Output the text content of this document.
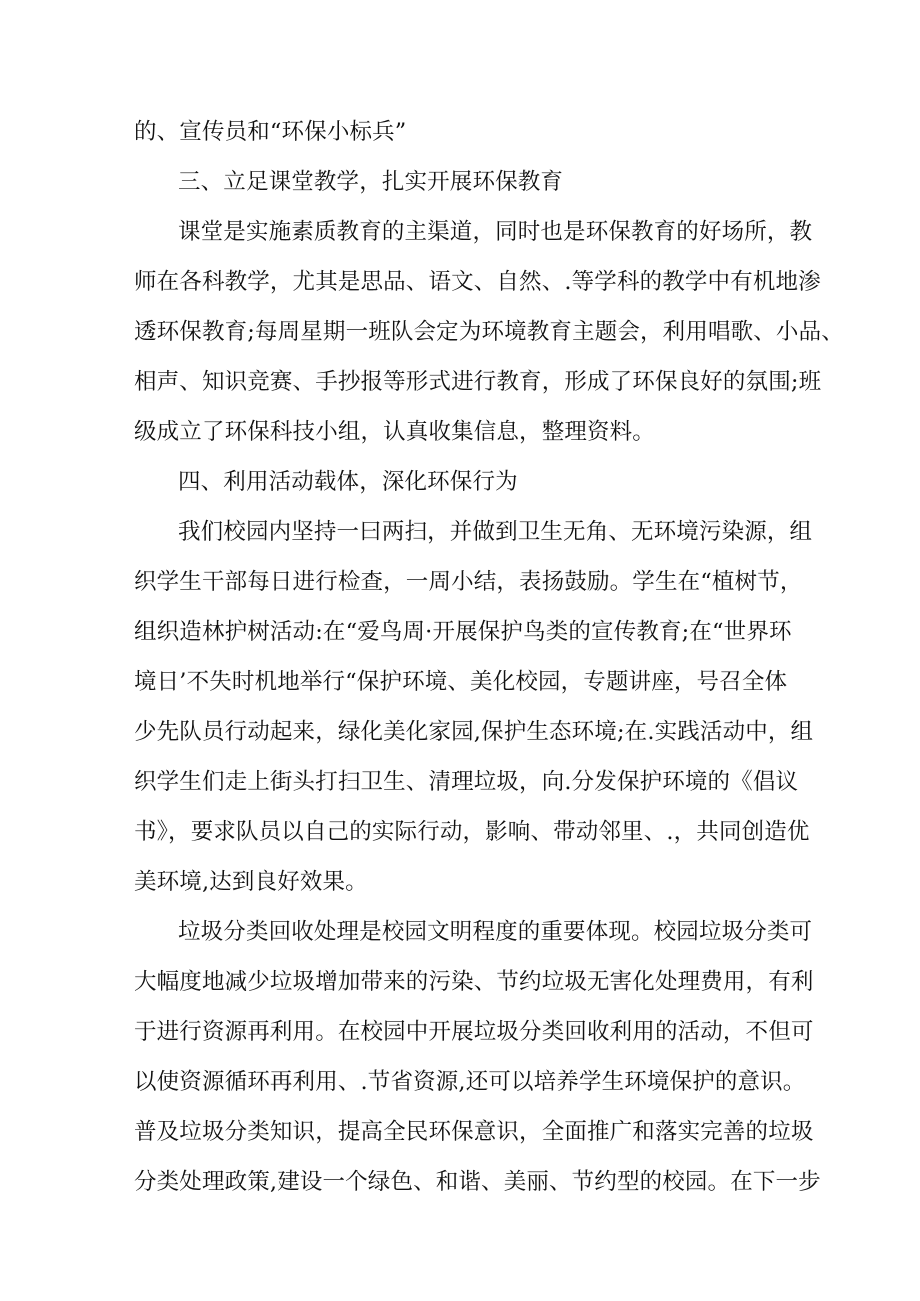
的、宣传员和“环保小标兵”
三、立足课堂教学，扎实开展环保教育
课堂是实施素质教育的主渠道，同时也是环保教育的好场所，教
师在各科教学，尤其是思品、语文、自然、.等学科的教学中有机地渗
透环保教育;每周星期一班队会定为环境教育主题会，利用唱歌、小品、
相声、知识竞赛、手抄报等形式进行教育，形成了环保良好的氛围;班
级成立了环保科技小组，认真收集信息，整理资料。
四、利用活动载体，深化环保行为
我们校园内坚持一曰两扫，并做到卫生无角、无环境污染源，组
织学生干部每日进行检查，一周小结，表扬鼓励。学生在“植树节，
组织造林护树活动:在“爱鸟周·开展保护鸟类的宣传教育;在“世界环
境日’不失时机地举行“保护环境、美化校园，专题讲座，号召全体
少先队员行动起来，绿化美化家园,保护生态环境;在.实践活动中，组
织学生们走上街头打扫卫生、清理垃圾，向.分发保护环境的《倡议
书》，要求队员以自己的实际行动，影响、带动邻里、.，共同创造优
美环境,达到良好效果。
垃圾分类回收处理是校园文明程度的重要体现。校园垃圾分类可
大幅度地减少垃圾增加带来的污染、节约垃圾无害化处理费用，有利
于进行资源再利用。在校园中开展垃圾分类回收利用的活动，不但可
以使资源循环再利用、.节省资源,还可以培养学生环境保护的意识。
普及垃圾分类知识，提高全民环保意识，全面推广和落实完善的垃圾
分类处理政策,建设一个绿色、和谐、美丽、节约型的校园。在下一步
